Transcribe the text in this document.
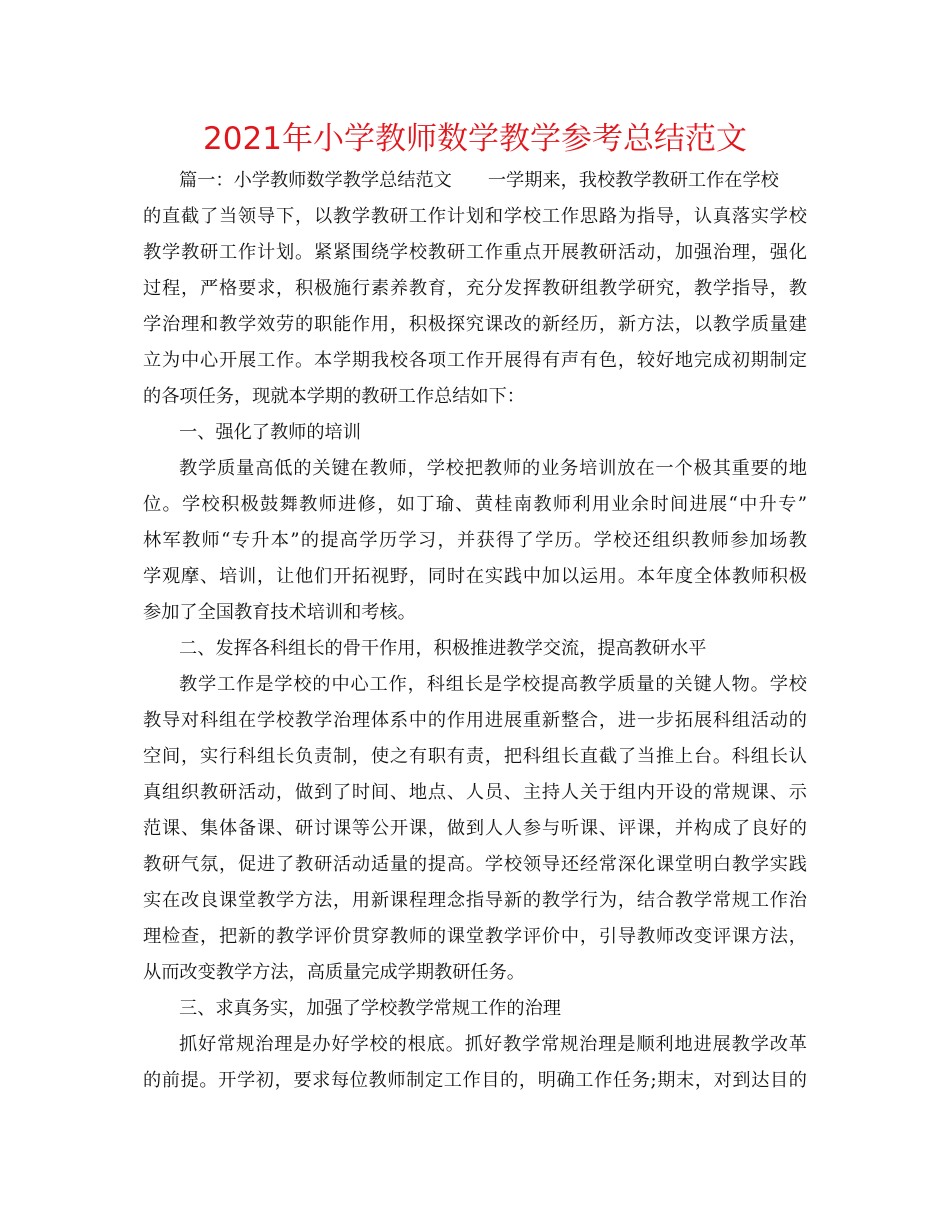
2021年小学教师数学教学参考总结范文
篇一：小学教师数学教学总结范文 一学期来，我校教学教研工作在学校
的直截了当领导下，以教学教研工作计划和学校工作思路为指导，认真落实学校
教学教研工作计划。紧紧围绕学校教研工作重点开展教研活动，加强治理，强化
过程，严格要求，积极施行素养教育，充分发挥教研组教学研究，教学指导，教
学治理和教学效劳的职能作用，积极探究课改的新经历，新方法，以教学质量建
立为中心开展工作。本学期我校各项工作开展得有声有色，较好地完成初期制定
的各项任务，现就本学期的教研工作总结如下：
一、强化了教师的培训
教学质量高低的关键在教师，学校把教师的业务培训放在一个极其重要的地
位。学校积极鼓舞教师进修，如丁瑜、黄桂南教师利用业余时间进展“中升专”
林军教师“专升本”的提高学历学习，并获得了学历。学校还组织教师参加场教
学观摩、培训，让他们开拓视野，同时在实践中加以运用。本年度全体教师积极
参加了全国教育技术培训和考核。
二、发挥各科组长的骨干作用，积极推进教学交流，提高教研水平
教学工作是学校的中心工作，科组长是学校提高教学质量的关键人物。学校
教导对科组在学校教学治理体系中的作用进展重新整合，进一步拓展科组活动的
空间，实行科组长负责制，使之有职有责，把科组长直截了当推上台。科组长认
真组织教研活动，做到了时间、地点、人员、主持人关于组内开设的常规课、示
范课、集体备课、研讨课等公开课，做到人人参与听课、评课，并构成了良好的
教研气氛，促进了教研活动适量的提高。学校领导还经常深化课堂明白教学实践
实在改良课堂教学方法，用新课程理念指导新的教学行为，结合教学常规工作治
理检查，把新的教学评价贯穿教师的课堂教学评价中，引导教师改变评课方法，
从而改变教学方法，高质量完成学期教研任务。
三、求真务实，加强了学校教学常规工作的治理
抓好常规治理是办好学校的根底。抓好教学常规治理是顺利地进展教学改革
的前提。开学初，要求每位教师制定工作目的，明确工作任务;期末，对到达目的
